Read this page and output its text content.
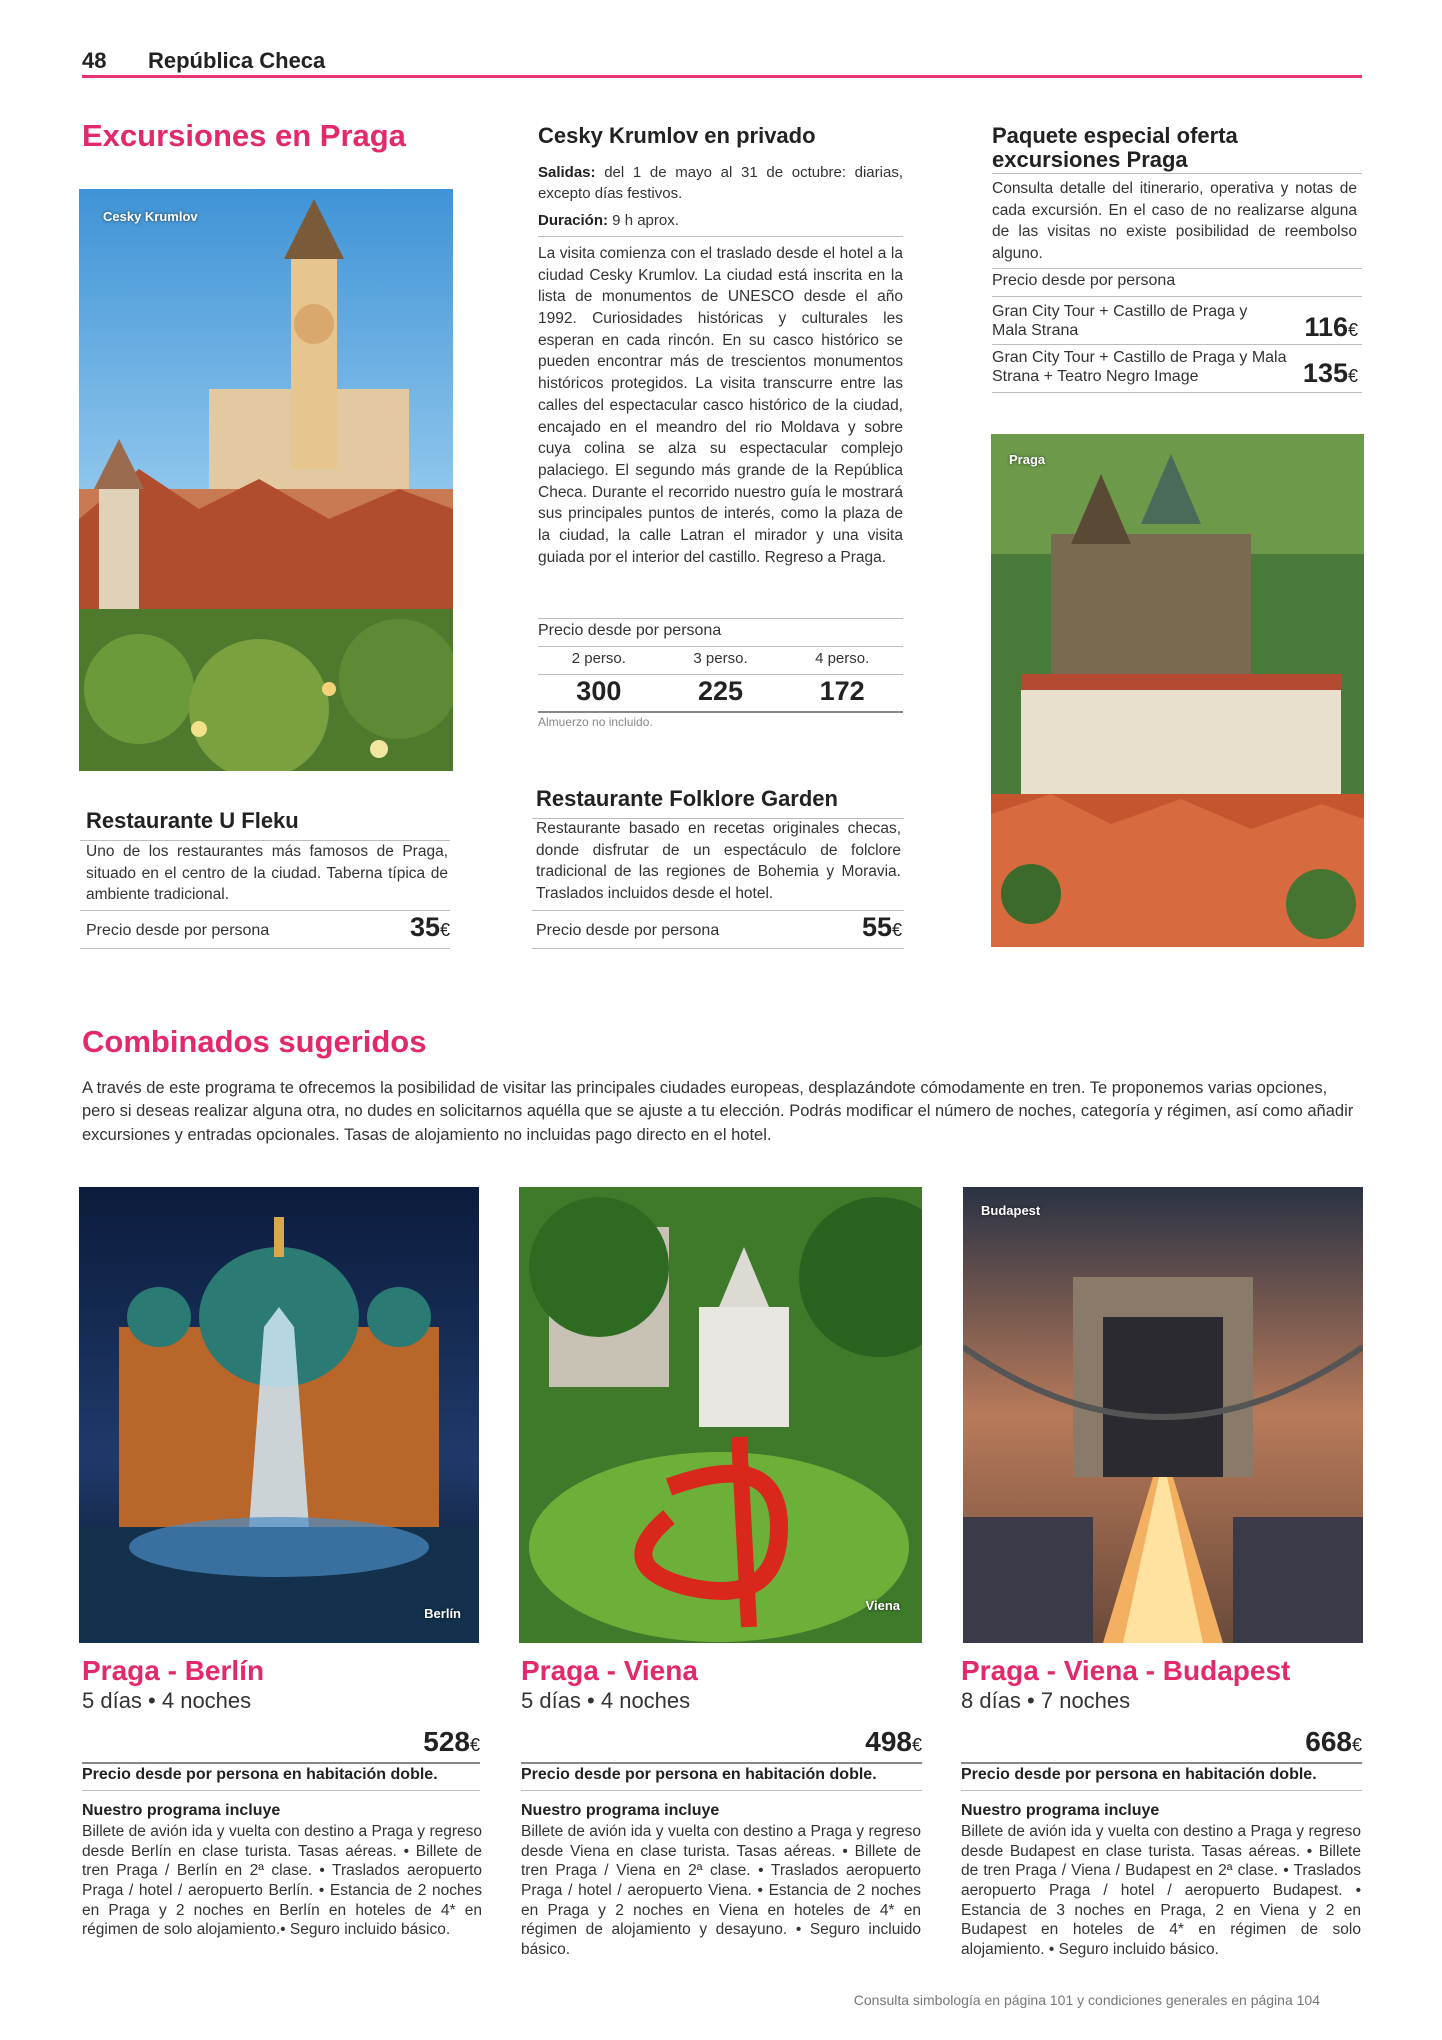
48 República Checa
Excursiones en Praga
Cesky Krumlov
Cesky Krumlov en privado
Salidas: del 1 de mayo al 31 de octubre: diarias, excepto días festivos.
Duración: 9 h aprox.
La visita comienza con el traslado desde el hotel a la ciudad Cesky Krumlov. La ciudad está inscrita en la lista de monumentos de UNESCO desde el año 1992. Curiosidades históricas y culturales les esperan en cada rincón. En su casco histórico se pueden encontrar más de trescientos monumentos históricos protegidos. La visita transcurre entre las calles del espectacular casco histórico de la ciudad, encajado en el meandro del rio Moldava y sobre cuya colina se alza su espectacular complejo palaciego. El segundo más grande de la República Checa. Durante el recorrido nuestro guía le mostrará sus principales puntos de interés, como la plaza de la ciudad, la calle Latran el mirador y una visita guiada por el interior del castillo. Regreso a Praga.
Precio desde por persona
2 perso.	3 perso.	4 perso.
300	225	172
Almuerzo no incluido.
Paquete especial oferta excursiones Praga
Consulta detalle del itinerario, operativa y notas de cada excursión. En el caso de no realizarse alguna de las visitas no existe posibilidad de reembolso alguno.
Precio desde por persona
Gran City Tour + Castillo de Praga y Mala Strana	116€
Gran City Tour + Castillo de Praga y Mala Strana + Teatro Negro Image	135€
Praga
Restaurante U Fleku
Uno de los restaurantes más famosos de Praga, situado en el centro de la ciudad. Taberna típica de ambiente tradicional.
Precio desde por persona	35€
Restaurante Folklore Garden
Restaurante basado en recetas originales checas, donde disfrutar de un espectáculo de folclore tradicional de las regiones de Bohemia y Moravia. Traslados incluidos desde el hotel.
Precio desde por persona	55€
Combinados sugeridos
A través de este programa te ofrecemos la posibilidad de visitar las principales ciudades europeas, desplazándote cómodamente en tren. Te proponemos varias opciones, pero si deseas realizar alguna otra, no dudes en solicitarnos aquélla que se ajuste a tu elección. Podrás modificar el número de noches, categoría y régimen, así como añadir excursiones y entradas opcionales. Tasas de alojamiento no incluidas pago directo en el hotel.
Berlín
Viena
Budapest
Praga - Berlín
5 días • 4 noches
528€
Precio desde por persona en habitación doble.
Nuestro programa incluye
Billete de avión ida y vuelta con destino a Praga y regreso desde Berlín en clase turista. Tasas aéreas. • Billete de tren Praga / Berlín en 2ª clase. • Traslados aeropuerto Praga / hotel / aeropuerto Berlín. • Estancia de 2 noches en Praga y 2 noches en Berlín en hoteles de 4* en régimen de solo alojamiento.• Seguro incluido básico.
Praga - Viena
5 días • 4 noches
498€
Precio desde por persona en habitación doble.
Nuestro programa incluye
Billete de avión ida y vuelta con destino a Praga y regreso desde Viena en clase turista. Tasas aéreas. • Billete de tren Praga / Viena en 2ª clase. • Traslados aeropuerto Praga / hotel / aeropuerto Viena. • Estancia de 2 noches en Praga y 2 noches en Viena en hoteles de 4* en régimen de alojamiento y desayuno. • Seguro incluido básico.
Praga - Viena - Budapest
8 días • 7 noches
668€
Precio desde por persona en habitación doble.
Nuestro programa incluye
Billete de avión ida y vuelta con destino a Praga y regreso desde Budapest en clase turista. Tasas aéreas. • Billete de tren Praga / Viena / Budapest en 2ª clase. • Traslados aeropuerto Praga / hotel / aeropuerto Budapest. • Estancia de 3 noches en Praga, 2 en Viena y 2 en Budapest en hoteles de 4* en régimen de solo alojamiento. • Seguro incluido básico.
Consulta simbología en página 101 y condiciones generales en página 104
